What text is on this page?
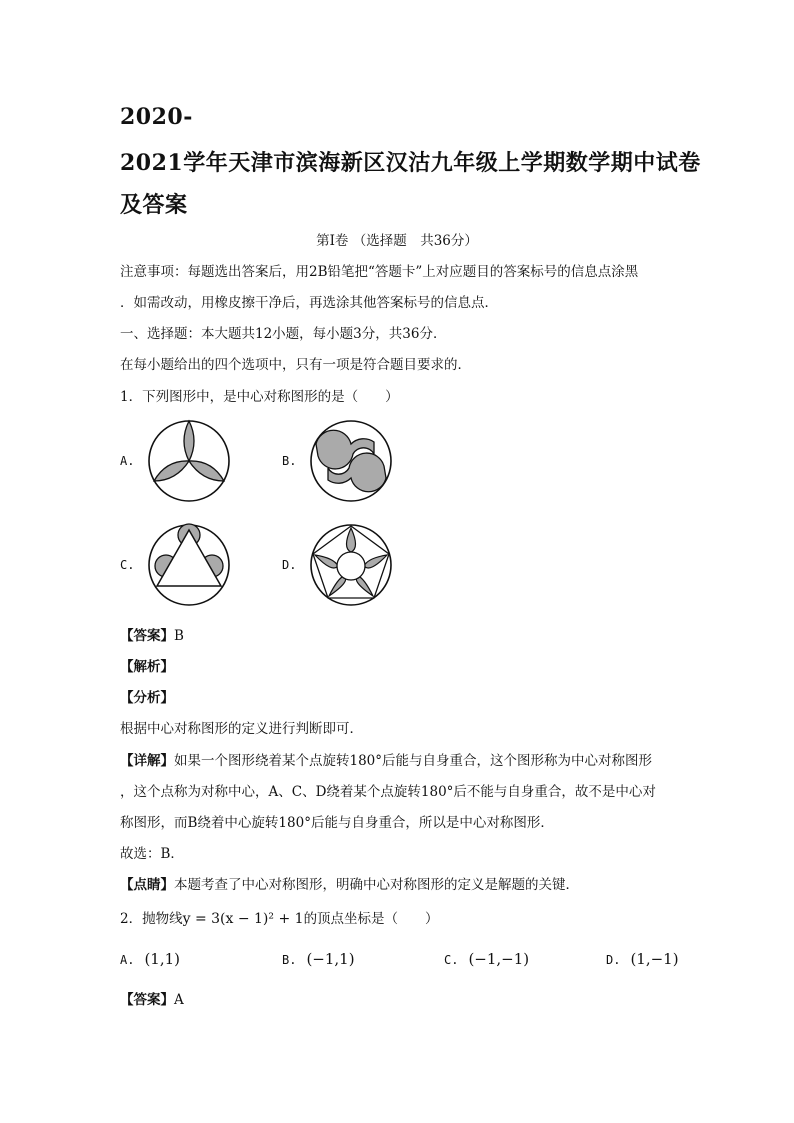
2020-
2021学年天津市滨海新区汉沽九年级上学期数学期中试卷
及答案
第I卷 （选择题　共36分）
注意事项：每题选出答案后，用2B铅笔把“答题卡”上对应题目的答案标号的信息点涂黑
．如需改动，用橡皮擦干净后，再选涂其他答案标号的信息点．
一、选择题：本大题共12小题，每小题3分，共36分．
在每小题给出的四个选项中，只有一项是符合题目要求的．
1．下列图形中，是中心对称图形的是（　　）
A.	B.
C.	D.
【答案】B
【解析】
【分析】
根据中心对称图形的定义进行判断即可．
【详解】如果一个图形绕着某个点旋转180°后能与自身重合，这个图形称为中心对称图形
，这个点称为对称中心，A、C、D绕着某个点旋转180°后不能与自身重合，故不是中心对
称图形，而B绕着中心旋转180°后能与自身重合，所以是中心对称图形．
故选：B．
【点睛】本题考查了中心对称图形，明确中心对称图形的定义是解题的关键．
2．抛物线y = 3(x − 1)² + 1的顶点坐标是（　　）
A. (1,1)	B. (−1,1)	C. (−1,−1)	D. (1,−1)
【答案】A
